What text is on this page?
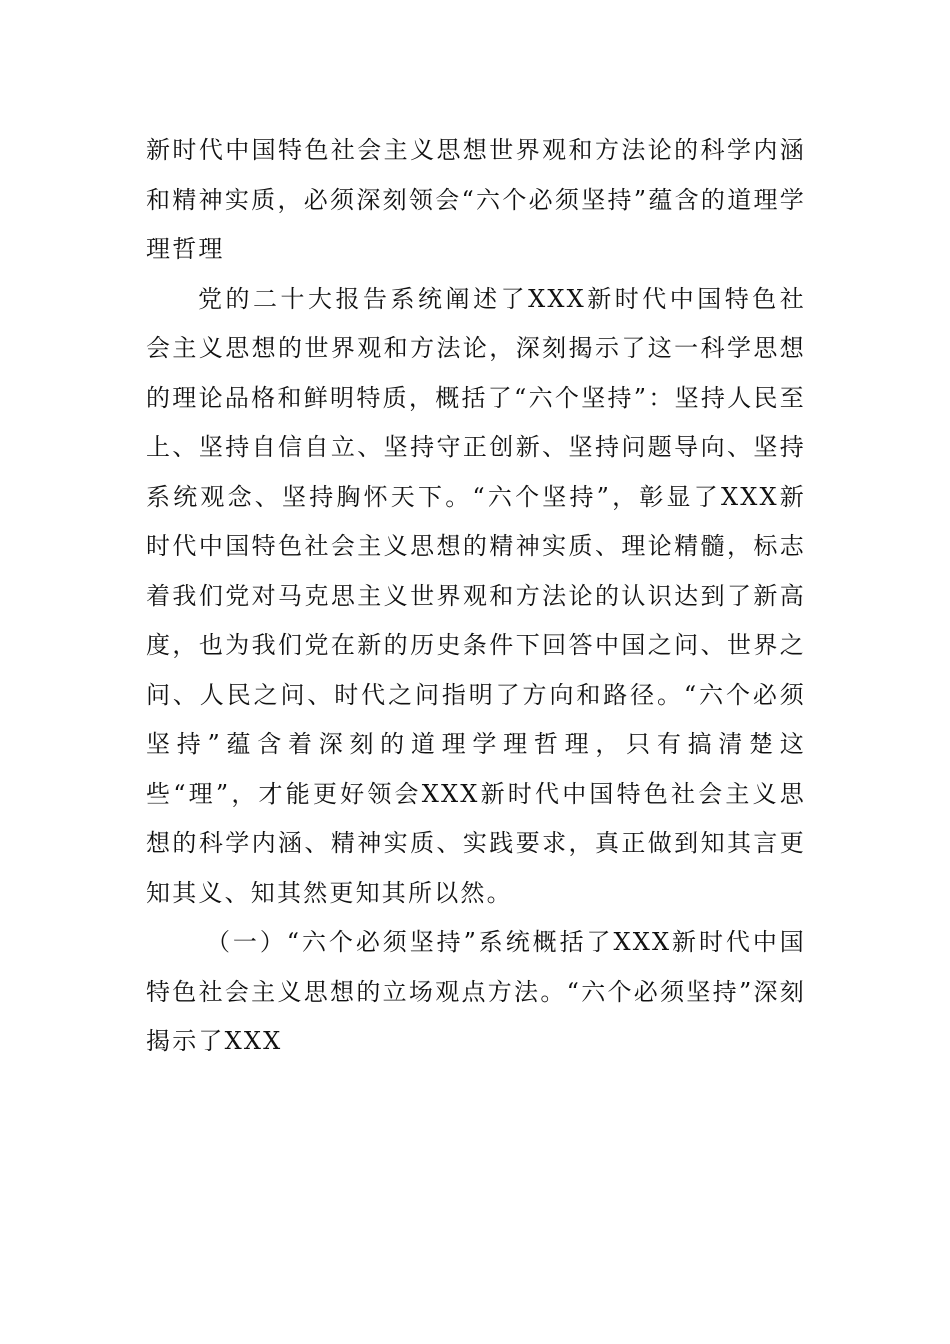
新时代中国特色社会主义思想世界观和方法论的科学内涵和精神实质，必须深刻领会“六个必须坚持”蕴含的道理学理哲理

党的二十大报告系统阐述了XXX新时代中国特色社会主义思想的世界观和方法论，深刻揭示了这一科学思想的理论品格和鲜明特质，概括了“六个坚持”：坚持人民至上、坚持自信自立、坚持守正创新、坚持问题导向、坚持系统观念、坚持胸怀天下。“六个坚持”，彰显了XXX新时代中国特色社会主义思想的精神实质、理论精髓，标志着我们党对马克思主义世界观和方法论的认识达到了新高度，也为我们党在新的历史条件下回答中国之问、世界之问、人民之问、时代之问指明了方向和路径。“六个必须坚持”蕴含着深刻的道理学理哲理，只有搞清楚这些“理”，才能更好领会XXX新时代中国特色社会主义思想的科学内涵、精神实质、实践要求，真正做到知其言更知其义、知其然更知其所以然。

（一）“六个必须坚持”系统概括了XXX新时代中国特色社会主义思想的立场观点方法。“六个必须坚持”深刻揭示了XXX
